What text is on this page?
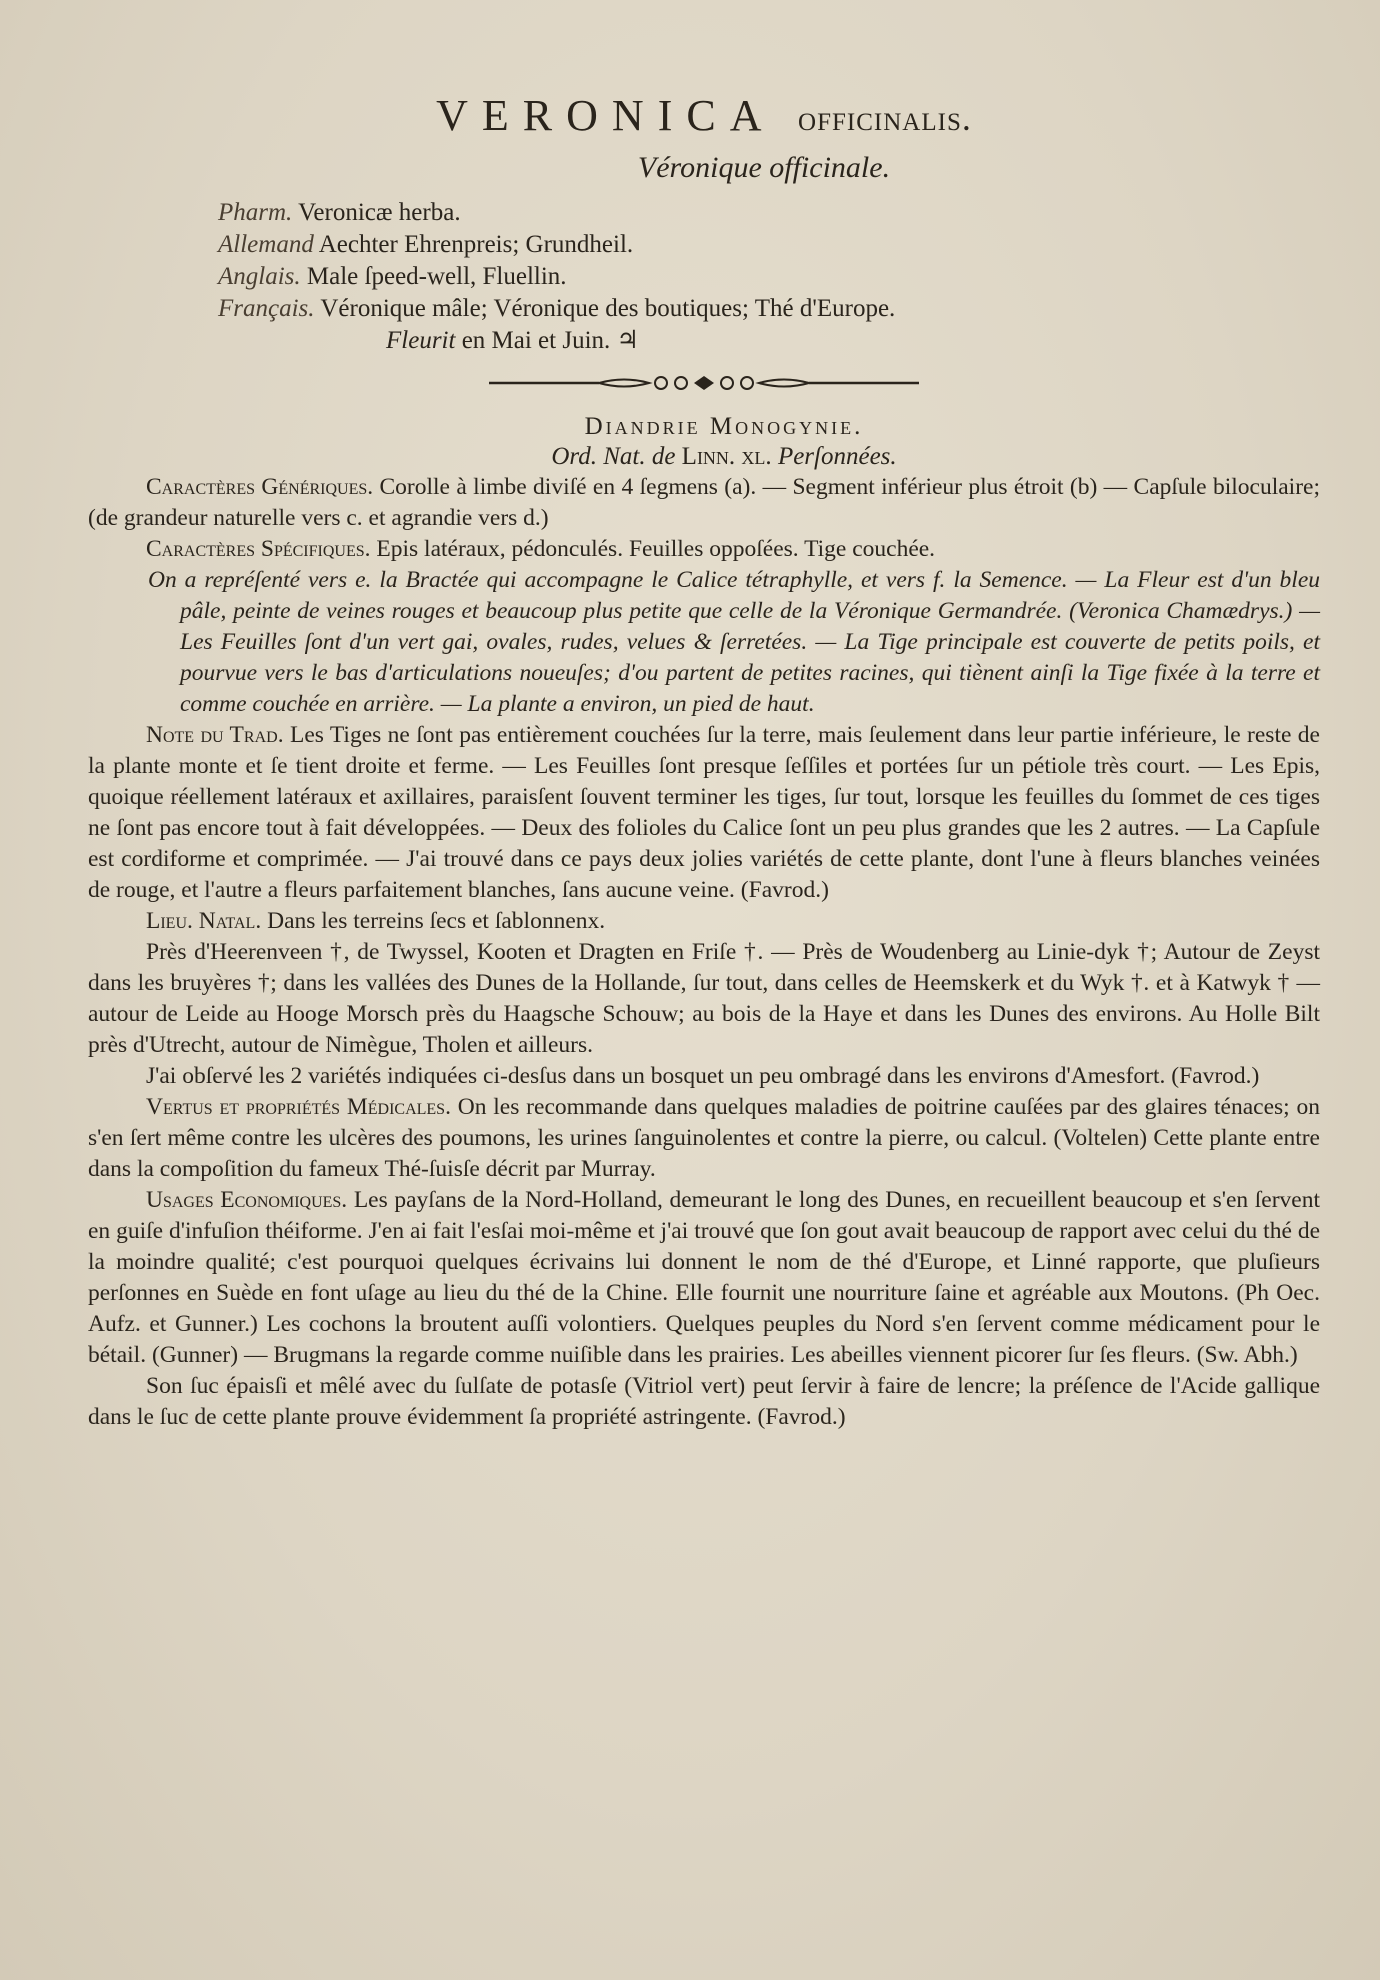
VERONICA officinalis.
Véronique officinale.
Pharm. Veronicæ herba.
Allemand Aechter Ehrenpreis; Grundheil.
Anglais. Male ſpeed-well, Fluellin.
Français. Véronique mâle; Véronique des boutiques; Thé d'Europe.
Fleurit en Mai et Juin. ♃
Diandrie Monogynie.
Ord. Nat. de Linn. xl. Perſonnées.

Caractères Génériques. Corolle à limbe diviſé en 4 ſegmens (a). — Segment inférieur plus étroit (b) — Capſule biloculaire; (de grandeur naturelle vers c. et agrandie vers d.)

Caractères Spécifiques. Epis latéraux, pédonculés. Feuilles oppoſées. Tige couchée.

On a repréſenté vers e. la Bractée qui accompagne le Calice tétraphylle, et vers f. la Semence. — La Fleur est d'un bleu pâle, peinte de veines rouges et beaucoup plus petite que celle de la Véronique Germandrée. (Veronica Chamædrys.) — Les Feuilles ſont d'un vert gai, ovales, rudes, velues & ſerretées. — La Tige principale est couverte de petits poils, et pourvue vers le bas d'articulations noueuſes; d'ou partent de petites racines, qui tiènent ainſi la Tige fixée à la terre et comme couchée en arrière. — La plante a environ, un pied de haut.

Note du Trad. Les Tiges ne ſont pas entièrement couchées ſur la terre, mais ſeulement dans leur partie inférieure, le reste de la plante monte et ſe tient droite et ferme. — Les Feuilles ſont presque ſeſſiles et portées ſur un pétiole très court. — Les Epis, quoique réellement latéraux et axillaires, paraisſent ſouvent terminer les tiges, ſur tout, lorsque les feuilles du ſommet de ces tiges ne ſont pas encore tout à fait développées. — Deux des folioles du Calice ſont un peu plus grandes que les 2 autres. — La Capſule est cordiforme et comprimée. — J'ai trouvé dans ce pays deux jolies variétés de cette plante, dont l'une à fleurs blanches veinées de rouge, et l'autre a fleurs parfaitement blanches, ſans aucune veine. (Favrod.)

Lieu. Natal. Dans les terreins ſecs et ſablonnenx.

Près d'Heerenveen †, de Twyssel, Kooten et Dragten en Friſe †. — Près de Woudenberg au Linie-dyk †; Autour de Zeyst dans les bruyères †; dans les vallées des Dunes de la Hollande, ſur tout, dans celles de Heemskerk et du Wyk †. et à Katwyk † — autour de Leide au Hooge Morsch près du Haagsche Schouw; au bois de la Haye et dans les Dunes des environs. Au Holle Bilt près d'Utrecht, autour de Nimègue, Tholen et ailleurs.

J'ai obſervé les 2 variétés indiquées ci-desſus dans un bosquet un peu ombragé dans les environs d'Amesfort. (Favrod.)

Vertus et propriétés Médicales. On les recommande dans quelques maladies de poitrine cauſées par des glaires ténaces; on s'en ſert même contre les ulcères des poumons, les urines ſanguinolentes et contre la pierre, ou calcul. (Voltelen) Cette plante entre dans la compoſition du fameux Thé-ſuisſe décrit par Murray.

Usages Economiques. Les payſans de la Nord-Holland, demeurant le long des Dunes, en recueillent beaucoup et s'en ſervent en guiſe d'infuſion théiforme. J'en ai fait l'esſai moi-même et j'ai trouvé que ſon gout avait beaucoup de rapport avec celui du thé de la moindre qualité; c'est pourquoi quelques écrivains lui donnent le nom de thé d'Europe, et Linné rapporte, que pluſieurs perſonnes en Suède en font uſage au lieu du thé de la Chine. Elle fournit une nourriture ſaine et agréable aux Moutons. (Ph Oec. Aufz. et Gunner.) Les cochons la broutent auſſi volontiers. Quelques peuples du Nord s'en ſervent comme médicament pour le bétail. (Gunner) — Brugmans la regarde comme nuiſible dans les prairies. Les abeilles viennent picorer ſur ſes fleurs. (Sw. Abh.)

Son ſuc épaisſi et mêlé avec du ſulſate de potasſe (Vitriol vert) peut ſervir à faire de lencre; la préſence de l'Acide gallique dans le ſuc de cette plante prouve évidemment ſa propriété astringente. (Favrod.)
